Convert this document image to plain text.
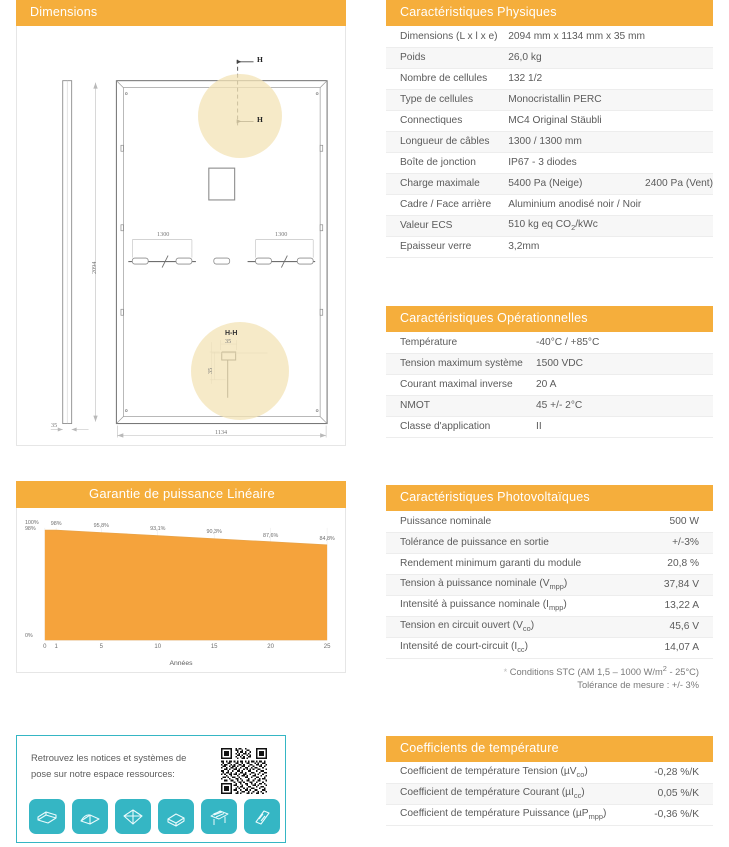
Dimensions
H
H
H-H
35
35
2094
1134
35
1300	1300
Garantie de puissance Linéaire
98%	95,8%
93,1%
90,3%
87,6%
84,8%
100%
98%
0%
0 1	5	10	15	20	25
Années
Retrouvez les notices et systèmes de
pose sur notre espace ressources:
Caractéristiques Physiques
Dimensions (L x l x e)	2094 mm x 1134 mm x 35 mm	
Poids	26,0 kg	
Nombre de cellules	132 1/2	
Type de cellules	Monocristallin PERC	
Connectiques	MC4 Original Stäubli	
Longueur de câbles	1300 / 1300 mm	
Boîte de jonction	IP67 - 3 diodes	
Charge maximale	5400 Pa (Neige)	2400 Pa (Vent)
Cadre / Face arrière	Aluminium anodisé noir / Noir	
Valeur ECS	510 kg eq $CO_2$/kWc	
Epaisseur verre	3,2mm	
Caractéristiques Opérationnelles
Température	-40°C / +85°C
Tension maximum système	1500 VDC
Courant maximal inverse	20 A
NMOT	45 +/- 2°C
Classe d'application	II
Caractéristiques Photovoltaïques
Puissance nominale	500 W
Tolérance de puissance en sortie	+/-3%
Rendement minimum garanti du module	20,8 %
Tension à puissance nominale $(V_{mpp})$	37,84 V
Intensité à puissance nominale $(I_{mpp})$	13,22 A
Tension en circuit ouvert $(V_{co})$	45,6 V
Intensité de court-circuit $(I_{cc})$	14,07 A
* Conditions STC (AM 1,5 – 1000 $W/m^2 - 25^\circ C$)
Tolérance de mesure : +/- 3%
Coefficients de température
Coefficient de température Tension (µV$_{co}$)	-0,28 %/K
Coefficient de température Courant (µI$_{cc}$)	0,05 %/K
Coefficient de température Puissance (µP$_{mpp}$)	-0,36 %/K
